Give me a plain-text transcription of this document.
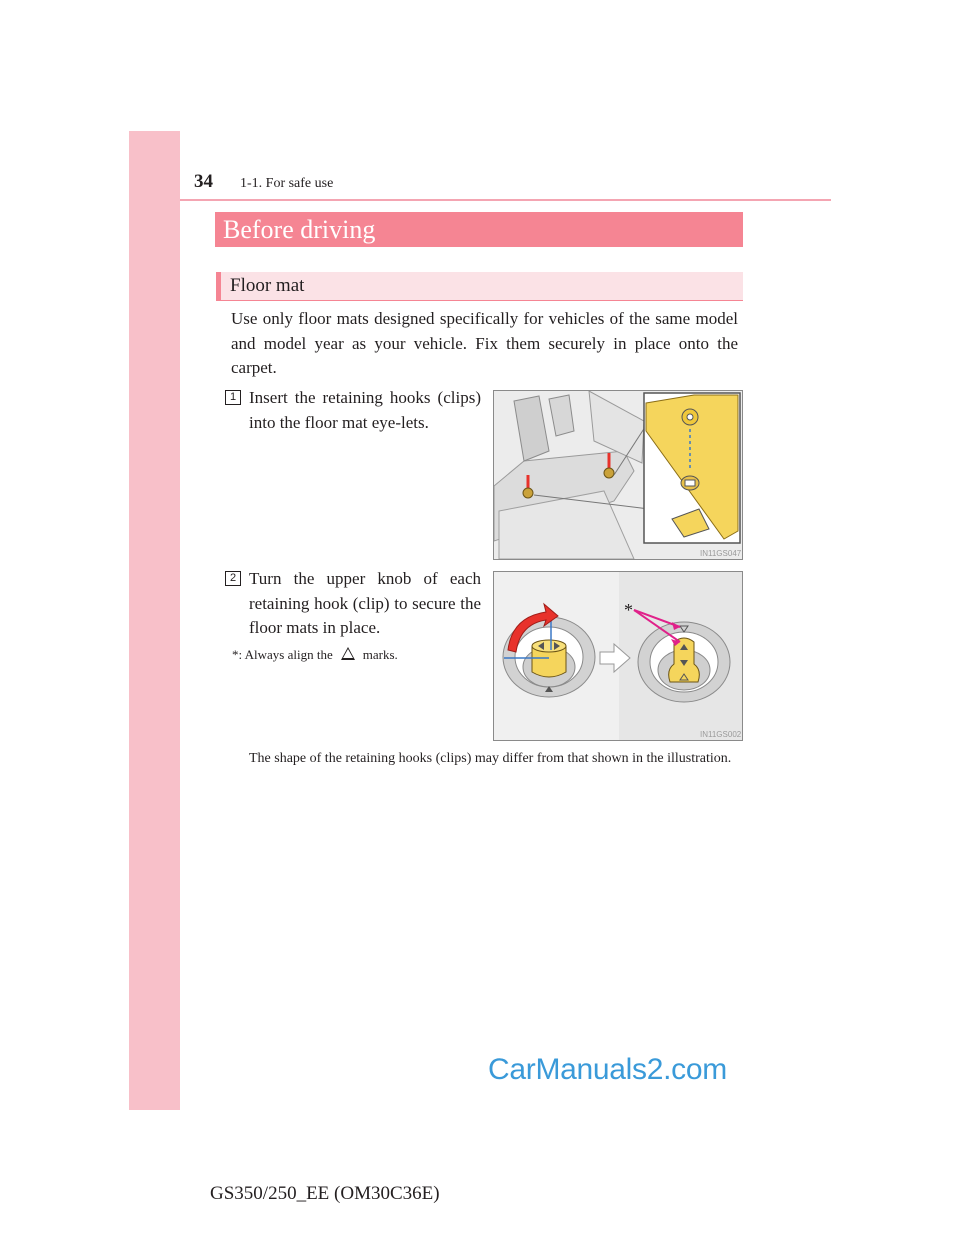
34 1-1. For safe use
Before driving
Floor mat
Use only floor mats designed specifically for vehicles of the same model and model year as your vehicle. Fix them securely in place onto the carpet.
1 Insert the retaining hooks (clips) into the floor mat eye-lets.
2 Turn the upper knob of each retaining hook (clip) to secure the floor mats in place.
*: Always align the marks.
IN11GS047
*
IN11GS002
The shape of the retaining hooks (clips) may differ from that shown in the illustration.
CarManuals2.com
GS350/250_EE (OM30C36E)
